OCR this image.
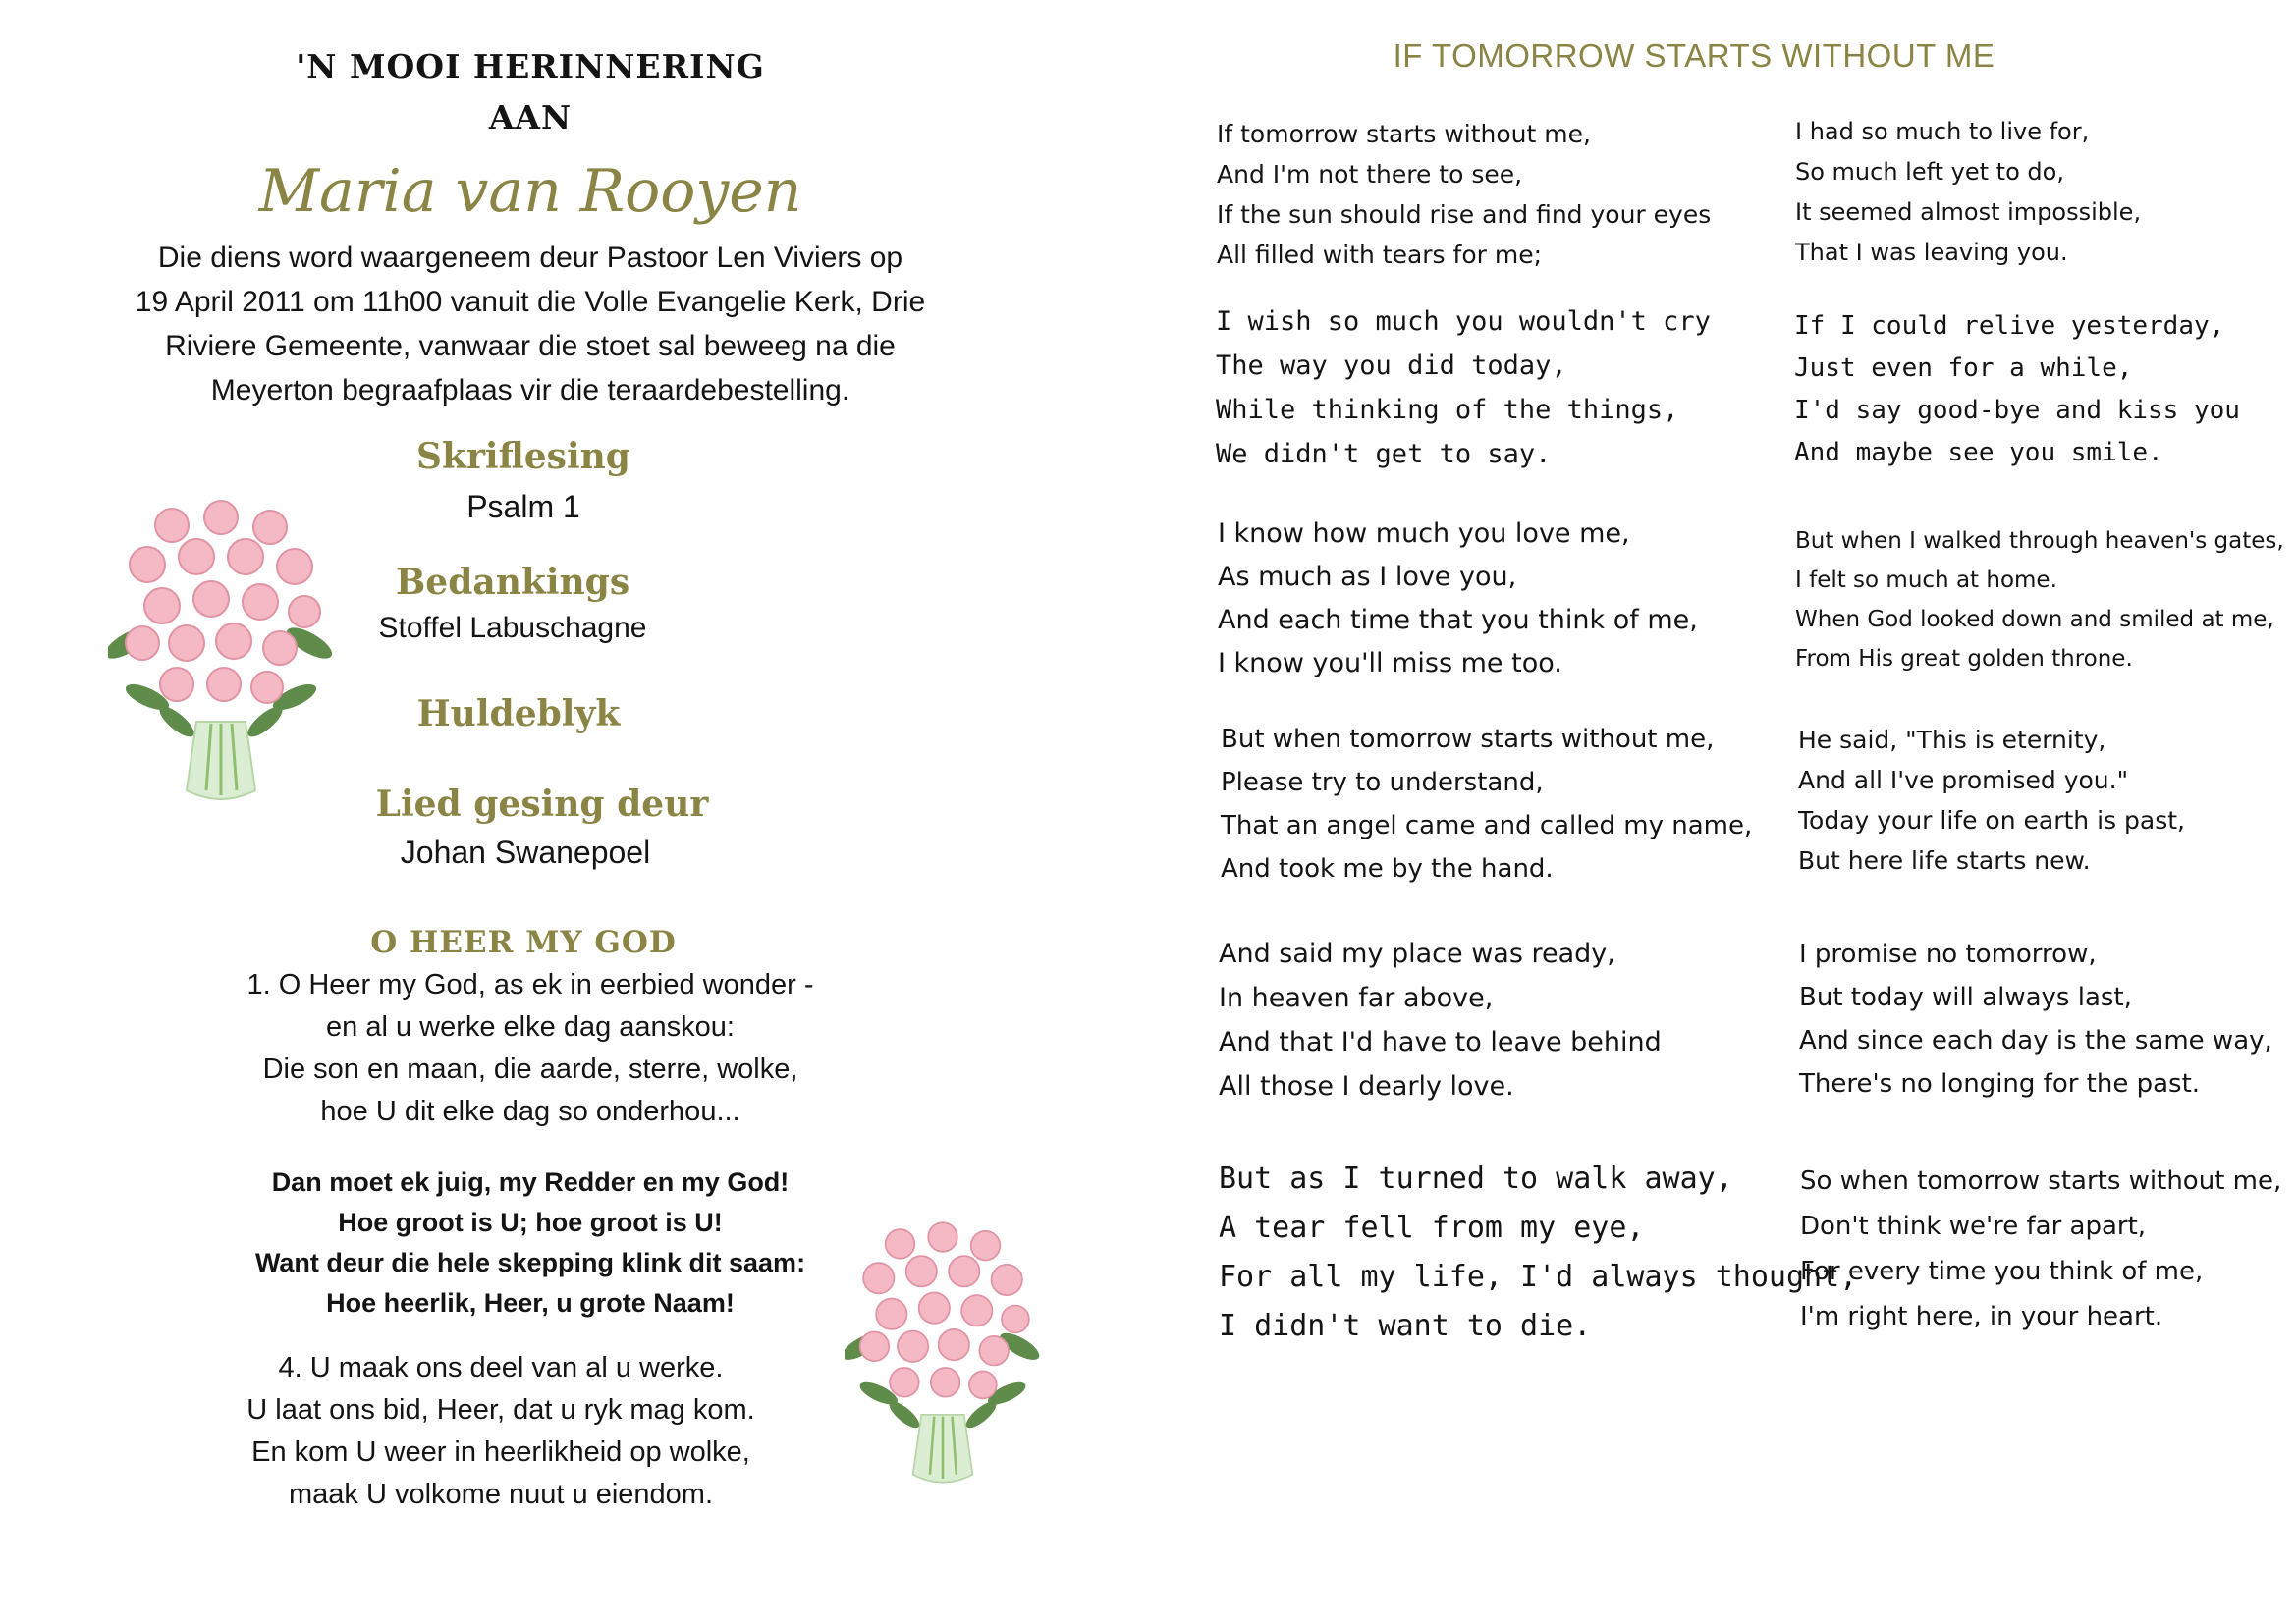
'N MOOI HERINNERING
AAN
Maria van Rooyen
Die diens word waargeneem deur Pastoor Len Viviers op
19 April 2011 om 11h00 vanuit die Volle Evangelie Kerk, Drie
Riviere Gemeente, vanwaar die stoet sal beweeg na die
Meyerton begraafplaas vir die teraardebestelling.
Skriflesing
Psalm 1
Bedankings
Stoffel Labuschagne
Huldeblyk
Lied gesing deur
Johan Swanepoel
O HEER MY GOD
1. O Heer my God, as ek in eerbied wonder -
en al u werke elke dag aanskou:
Die son en maan, die aarde, sterre, wolke,
hoe U dit elke dag so onderhou...
Dan moet ek juig, my Redder en my God!
Hoe groot is U; hoe groot is U!
Want deur die hele skepping klink dit saam:
Hoe heerlik, Heer, u grote Naam!
4. U maak ons deel van al u werke.
U laat ons bid, Heer, dat u ryk mag kom.
En kom U weer in heerlikheid op wolke,
maak U volkome nuut u eiendom.
IF TOMORROW STARTS WITHOUT ME
If tomorrow starts without me,
And I'm not there to see,
If the sun should rise and find your eyes
All filled with tears for me;
I wish so much you wouldn't cry
The way you did today,
While thinking of the things,
We didn't get to say.
I know how much you love me,
As much as I love you,
And each time that you think of me,
I know you'll miss me too.
But when tomorrow starts without me,
Please try to understand,
That an angel came and called my name,
And took me by the hand.
And said my place was ready,
In heaven far above,
And that I'd have to leave behind
All those I dearly love.
But as I turned to walk away,
A tear fell from my eye,
For all my life, I'd always thought,
I didn't want to die.
I had so much to live for,
So much left yet to do,
It seemed almost impossible,
That I was leaving you.
If I could relive yesterday,
Just even for a while,
I'd say good-bye and kiss you
And maybe see you smile.
But when I walked through heaven's gates,
I felt so much at home.
When God looked down and smiled at me,
From His great golden throne.
He said, "This is eternity,
And all I've promised you."
Today your life on earth is past,
But here life starts new.
I promise no tomorrow,
But today will always last,
And since each day is the same way,
There's no longing for the past.
So when tomorrow starts without me,
Don't think we're far apart,
For every time you think of me,
I'm right here, in your heart.
